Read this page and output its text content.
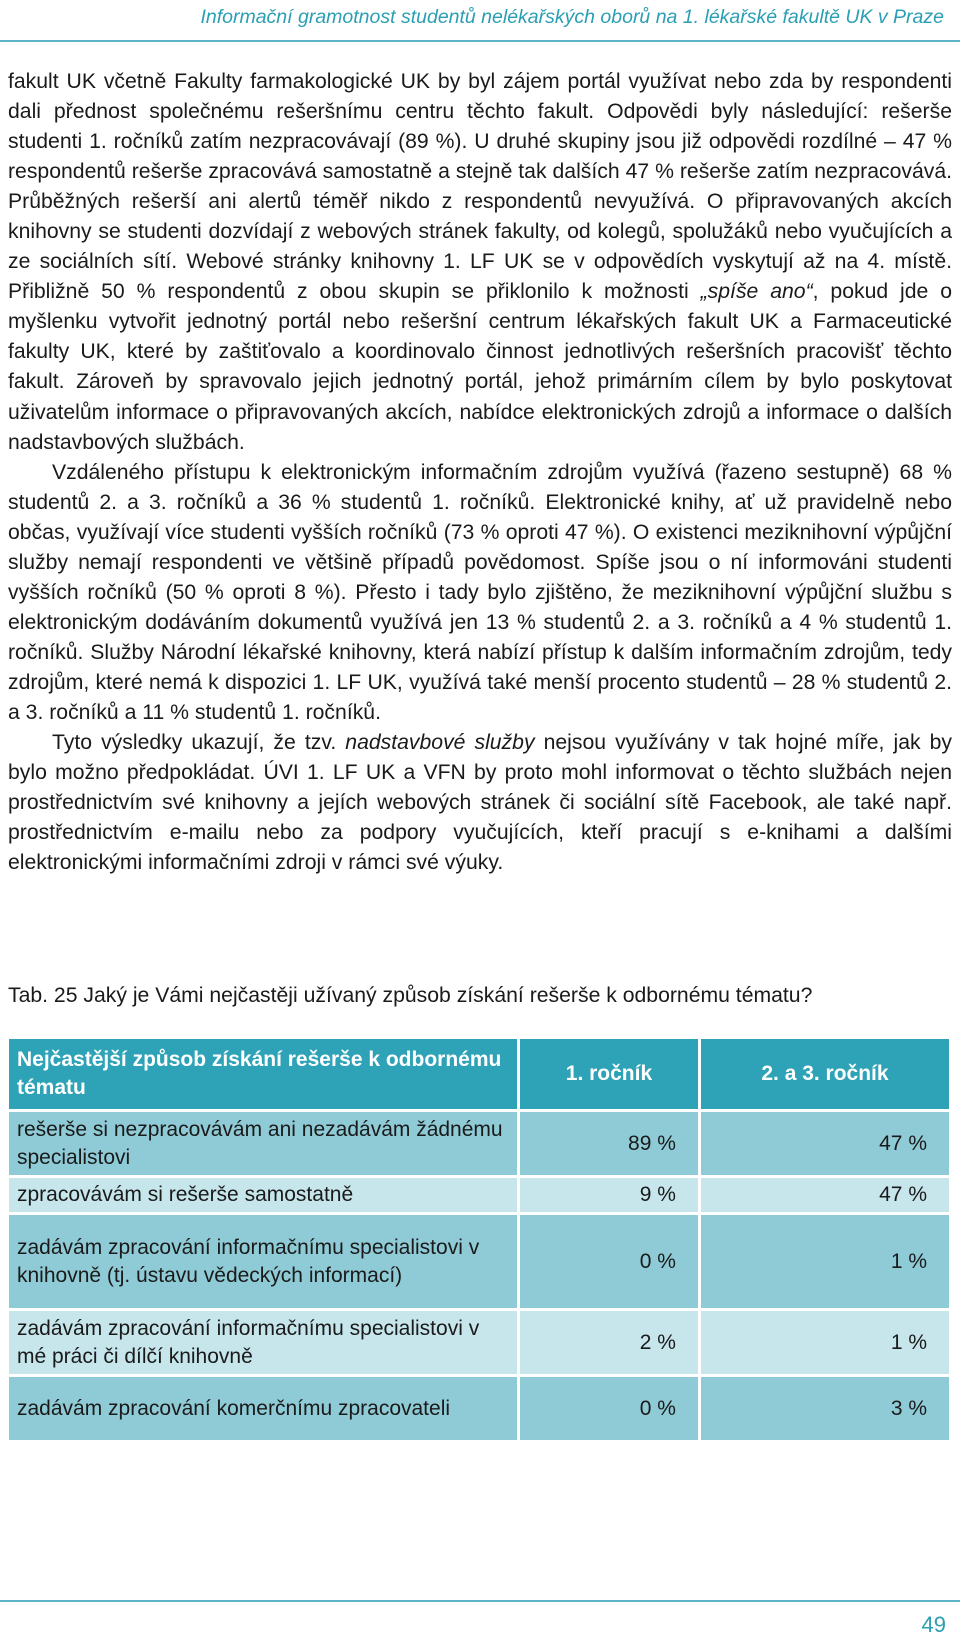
Informační gramotnost studentů nelékařských oborů na 1. lékařské fakultě UK v Praze

fakult UK včetně Fakulty farmakologické UK by byl zájem portál využívat nebo zda by respondenti dali přednost společnému rešeršnímu centru těchto fakult. Odpovědi byly následující: rešerše studenti 1. ročníků zatím nezpracovávají (89 %). U druhé skupiny jsou již odpovědi rozdílné – 47 % respondentů rešerše zpracovává samostatně a stejně tak dalších 47 % rešerše zatím nezpracovává. Průběžných rešerší ani alertů téměř nikdo z respondentů nevyužívá. O připravovaných akcích knihovny se studenti dozvídají z webových stránek fakulty, od kolegů, spolužáků nebo vyučujících a ze sociálních sítí. Webové stránky knihovny 1. LF UK se v odpovědích vyskytují až na 4. místě. Přibližně 50 % respondentů z obou skupin se přiklonilo k možnosti „spíše ano“, pokud jde o myšlenku vytvořit jednotný portál nebo rešeršní centrum lékařských fakult UK a Farmaceutické fakulty UK, které by zaštiťovalo a koordinovalo činnost jednotlivých rešeršních pracovišť těchto fakult. Zároveň by spravovalo jejich jednotný portál, jehož primárním cílem by bylo poskytovat uživatelům informace o připravovaných akcích, nabídce elektronických zdrojů a informace o dalších nadstavbových službách.

Vzdáleného přístupu k elektronickým informačním zdrojům využívá (řazeno sestupně) 68 % studentů 2. a 3. ročníků a 36 % studentů 1. ročníků. Elektronické knihy, ať už pravidelně nebo občas, využívají více studenti vyšších ročníků (73 % oproti 47 %). O existenci meziknihovní výpůjční služby nemají respondenti ve většině případů povědomost. Spíše jsou o ní informováni studenti vyšších ročníků (50 % oproti 8 %). Přesto i tady bylo zjištěno, že meziknihovní výpůjční službu s elektronickým dodáváním dokumentů využívá jen 13 % studentů 2. a 3. ročníků a 4 % studentů 1. ročníků. Služby Národní lékařské knihovny, která nabízí přístup k dalším informačním zdrojům, tedy zdrojům, které nemá k dispozici 1. LF UK, využívá také menší procento studentů – 28 % studentů 2. a 3. ročníků a 11 % studentů 1. ročníků.

Tyto výsledky ukazují, že tzv. nadstavbové služby nejsou využívány v tak hojné míře, jak by bylo možno předpokládat. ÚVI 1. LF UK a VFN by proto mohl informovat o těchto službách nejen prostřednictvím své knihovny a jejích webových stránek či sociální sítě Facebook, ale také např. prostřednictvím e-mailu nebo za podpory vyučujících, kteří pracují s e-knihami a dalšími elektronickými informačními zdroji v rámci své výuky.

Tab. 25 Jaký je Vámi nejčastěji užívaný způsob získání rešerše k odbornému tématu?
Nejčastější způsob získání rešerše k odbornému tématu	1. ročník	2. a 3. ročník
rešerše si nezpracovávám ani nezadávám žádnému specialistovi	89 %	47 %
zpracovávám si rešerše samostatně	9 %	47 %
zadávám zpracování informačnímu specialistovi v knihovně (tj. ústavu vědeckých informací)	0 %	1 %
zadávám zpracování informačnímu specialistovi v mé práci či dílčí knihovně	2 %	1 %
zadávám zpracování komerčnímu zpracovateli	0 %	3 %
49
